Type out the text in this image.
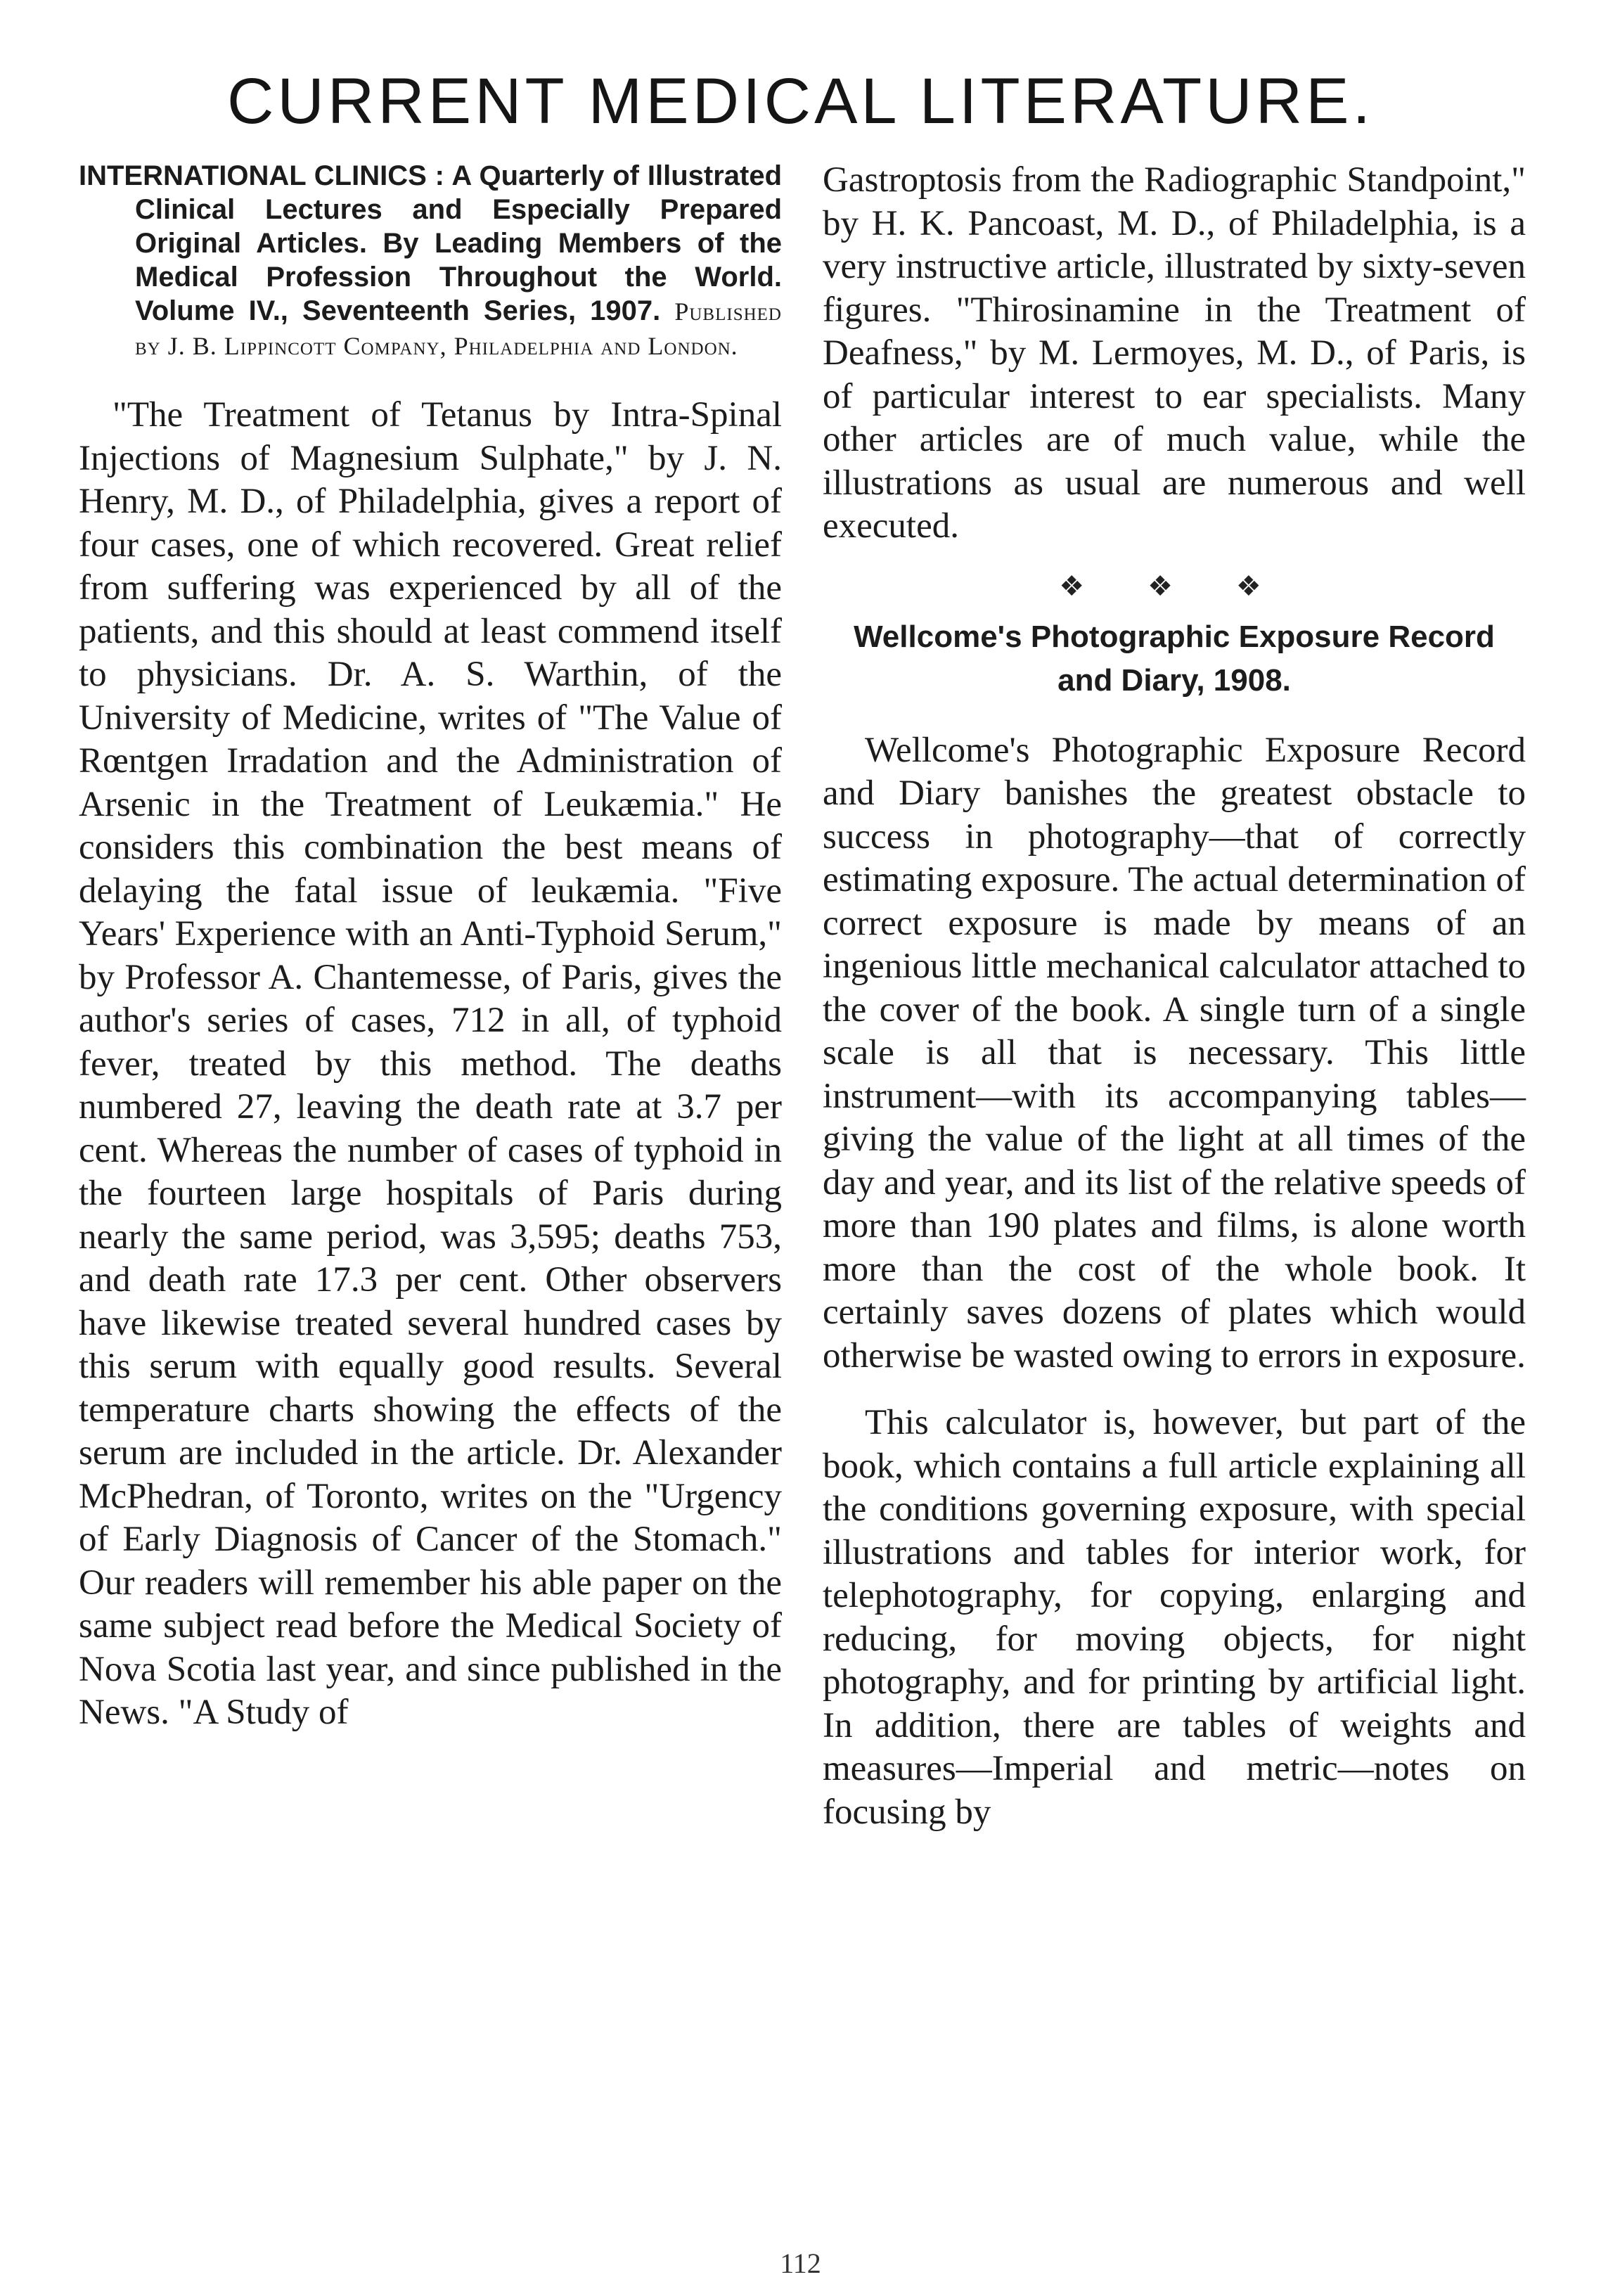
CURRENT MEDICAL LITERATURE.
INTERNATIONAL CLINICS : A Quarterly of Illustrated Clinical Lectures and Especially Prepared Original Articles. By Leading Members of the Medical Profession Throughout the World. Volume IV., Seventeenth Series, 1907. Published by J. B. Lippincott Company, Philadelphia and London.

"The Treatment of Tetanus by Intra-Spinal Injections of Magnesium Sulphate," by J. N. Henry, M. D., of Philadelphia, gives a report of four cases, one of which recovered. Great relief from suffering was experienced by all of the patients, and this should at least commend itself to physicians. Dr. A. S. Warthin, of the University of Medicine, writes of "The Value of Rœntgen Irradation and the Administration of Arsenic in the Treatment of Leukæmia." He considers this combination the best means of delaying the fatal issue of leukæmia. "Five Years' Experience with an Anti-Typhoid Serum," by Professor A. Chantemesse, of Paris, gives the author's series of cases, 712 in all, of typhoid fever, treated by this method. The deaths numbered 27, leaving the death rate at 3.7 per cent. Whereas the number of cases of typhoid in the fourteen large hospitals of Paris during nearly the same period, was 3,595; deaths 753, and death rate 17.3 per cent. Other observers have likewise treated several hundred cases by this serum with equally good results. Several temperature charts showing the effects of the serum are included in the article. Dr. Alexander McPhedran, of Toronto, writes on the "Urgency of Early Diagnosis of Cancer of the Stomach." Our readers will remember his able paper on the same subject read before the Medical Society of Nova Scotia last year, and since published in the News. "A Study of

Gastroptosis from the Radiographic Standpoint," by H. K. Pancoast, M. D., of Philadelphia, is a very instructive article, illustrated by sixty-seven figures. "Thirosinamine in the Treatment of Deafness," by M. Lermoyes, M. D., of Paris, is of particular interest to ear specialists. Many other articles are of much value, while the illustrations as usual are numerous and well executed.

❖ ❖ ❖
Wellcome's Photographic Exposure Record and Diary, 1908.

Wellcome's Photographic Exposure Record and Diary banishes the greatest obstacle to success in photography—that of correctly estimating exposure. The actual determination of correct exposure is made by means of an ingenious little mechanical calculator attached to the cover of the book. A single turn of a single scale is all that is necessary. This little instrument—with its accompanying tables—giving the value of the light at all times of the day and year, and its list of the relative speeds of more than 190 plates and films, is alone worth more than the cost of the whole book. It certainly saves dozens of plates which would otherwise be wasted owing to errors in exposure.

This calculator is, however, but part of the book, which contains a full article explaining all the conditions governing exposure, with special illustrations and tables for interior work, for telephotography, for copying, enlarging and reducing, for moving objects, for night photography, and for printing by artificial light. In addition, there are tables of weights and measures—Imperial and metric—notes on focusing by

112
